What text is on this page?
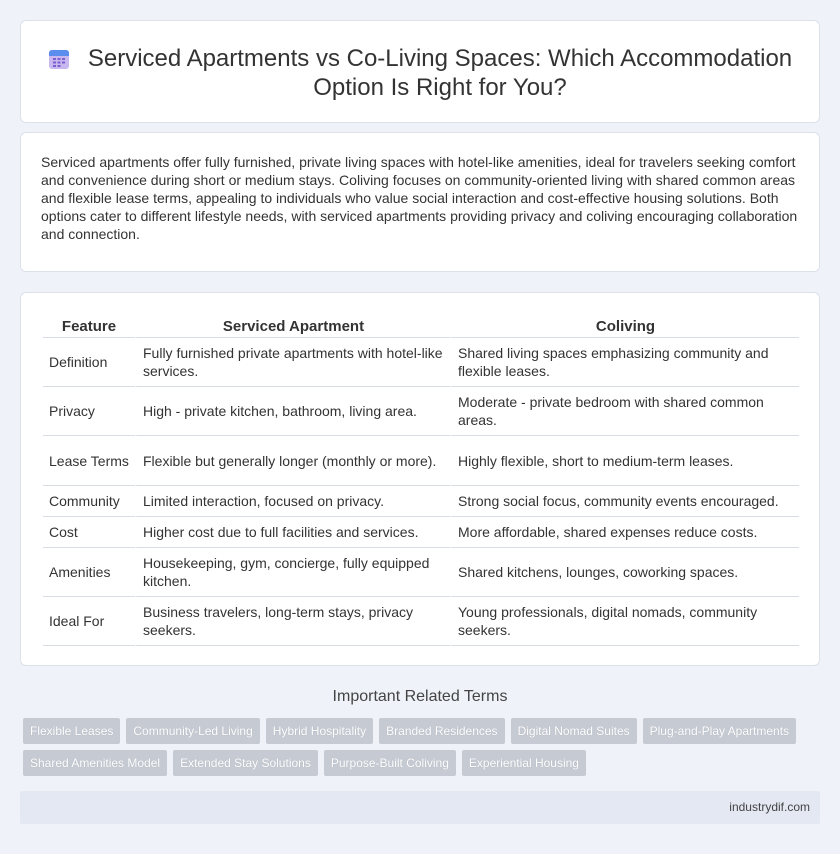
Serviced Apartments vs Co-Living Spaces: Which Accommodation Option Is Right for You?

Serviced apartments offer fully furnished, private living spaces with hotel-like amenities, ideal for travelers seeking comfort and convenience during short or medium stays. Coliving focuses on community-oriented living with shared common areas and flexible lease terms, appealing to individuals who value social interaction and cost-effective housing solutions. Both options cater to different lifestyle needs, with serviced apartments providing privacy and coliving encouraging collaboration and connection.

Feature	Serviced Apartment	Coliving
Definition	Fully furnished private apartments with hotel-like services.	Shared living spaces emphasizing community and flexible leases.
Privacy	High - private kitchen, bathroom, living area.	Moderate - private bedroom with shared common areas.
Lease Terms	Flexible but generally longer (monthly or more).	Highly flexible, short to medium-term leases.
Community	Limited interaction, focused on privacy.	Strong social focus, community events encouraged.
Cost	Higher cost due to full facilities and services.	More affordable, shared expenses reduce costs.
Amenities	Housekeeping, gym, concierge, fully equipped kitchen.	Shared kitchens, lounges, coworking spaces.
Ideal For	Business travelers, long-term stays, privacy seekers.	Young professionals, digital nomads, community seekers.
Important Related Terms
Flexible Leases Community-Led Living Hybrid Hospitality Branded Residences Digital Nomad Suites Plug-and-Play Apartments
Shared Amenities Model Extended Stay Solutions Purpose-Built Coliving Experiential Housing
industrydif.com
